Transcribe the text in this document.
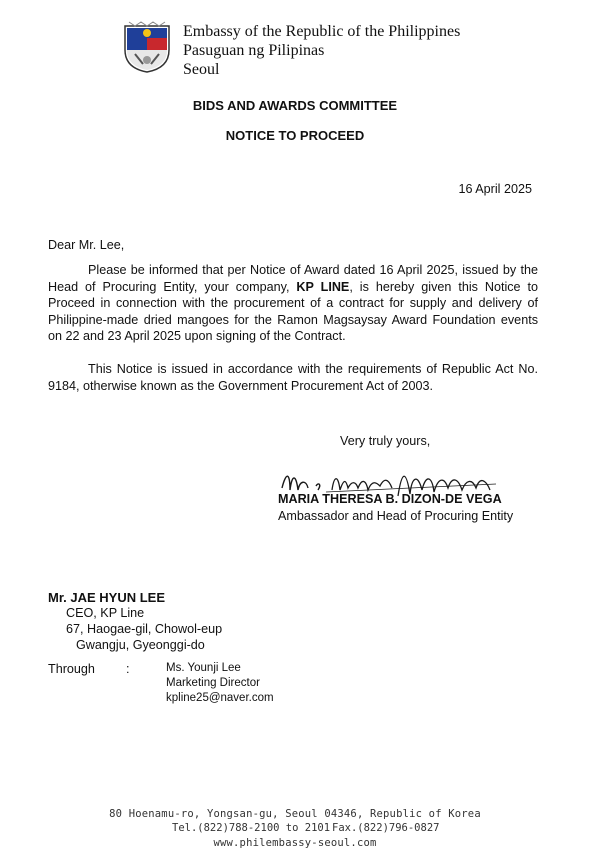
Embassy of the Republic of the Philippines
Pasuguan ng Pilipinas
Seoul
BIDS AND AWARDS COMMITTEE
NOTICE TO PROCEED
16 April 2025
Dear Mr. Lee,
Please be informed that per Notice of Award dated 16 April 2025, issued by the Head of Procuring Entity, your company, KP LINE, is hereby given this Notice to Proceed in connection with the procurement of a contract for supply and delivery of Philippine-made dried mangoes for the Ramon Magsaysay Award Foundation events on 22 and 23 April 2025 upon signing of the Contract.
This Notice is issued in accordance with the requirements of Republic Act No. 9184, otherwise known as the Government Procurement Act of 2003.
Very truly yours,
MARIA THERESA B. DIZON-DE VEGA
Ambassador and Head of Procuring Entity
Mr. JAE HYUN LEE
CEO, KP Line
67, Haogae-gil, Chowol-eup
Gwangju, Gyeonggi-do
Through :	Ms. Younji Lee
Marketing Director
kpline25@naver.com
80 Hoenamu-ro, Yongsan-gu, Seoul 04346, Republic of Korea
Tel.(822)788-2100 to 2101 Fax.(822)796-0827
www.philembassy-seoul.com
